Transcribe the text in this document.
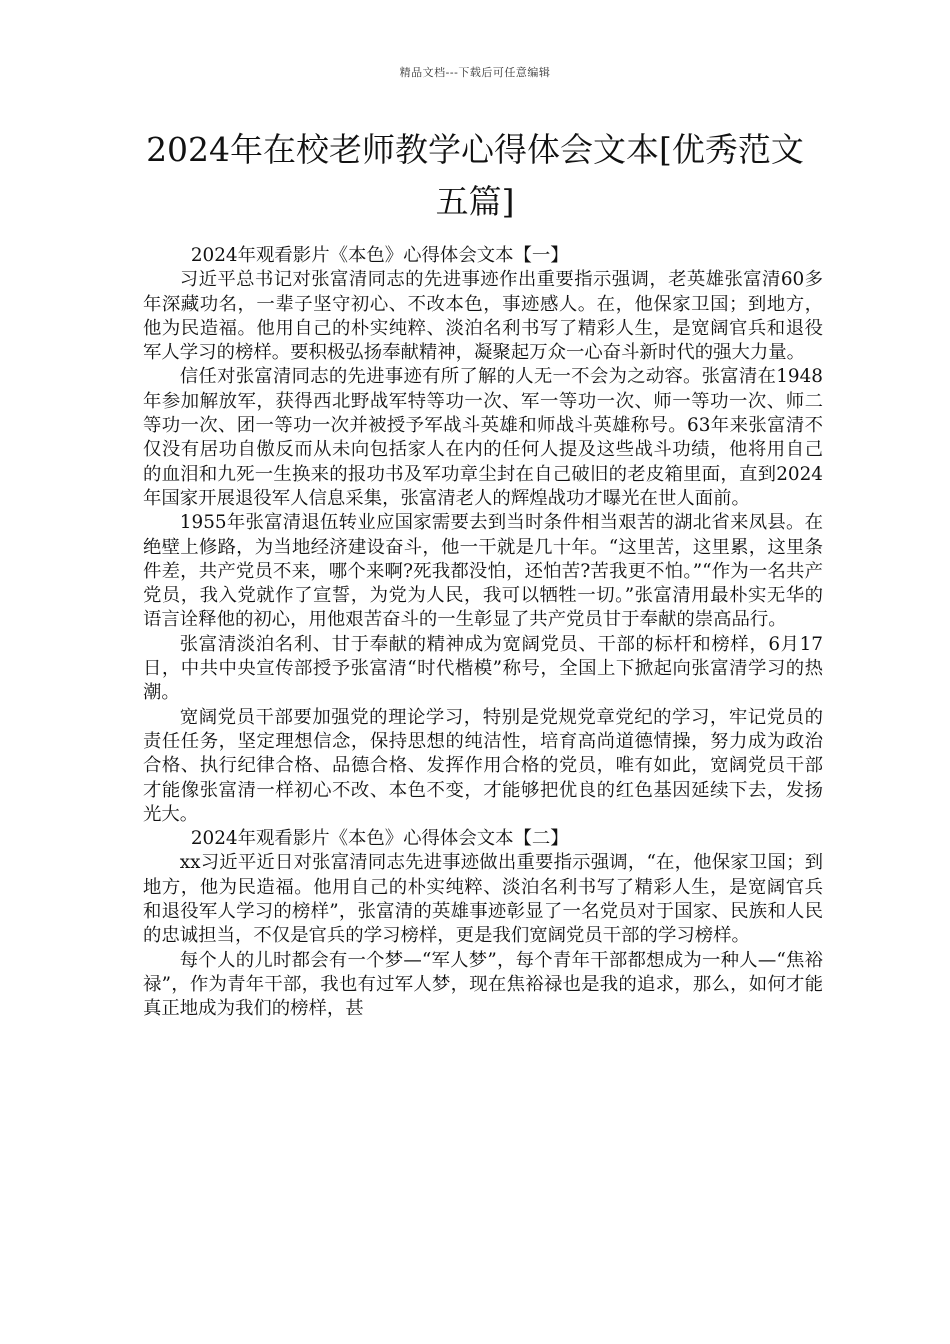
精品文档---下载后可任意编辑
2024年在校老师教学心得体会文本[优秀范文五篇]

2024年观看影片《本色》心得体会文本【一】

习近平总书记对张富清同志的先进事迹作出重要指示强调，老英雄张富清60多年深藏功名，一辈子坚守初心、不改本色，事迹感人。在，他保家卫国；到地方，他为民造福。他用自己的朴实纯粹、淡泊名利书写了精彩人生，是宽阔官兵和退役军人学习的榜样。要积极弘扬奉献精神，凝聚起万众一心奋斗新时代的强大力量。

信任对张富清同志的先进事迹有所了解的人无一不会为之动容。张富清在1948年参加解放军，获得西北野战军特等功一次、军一等功一次、师一等功一次、师二等功一次、团一等功一次并被授予军战斗英雄和师战斗英雄称号。63年来张富清不仅没有居功自傲反而从未向包括家人在内的任何人提及这些战斗功绩，他将用自己的血泪和九死一生换来的报功书及军功章尘封在自己破旧的老皮箱里面，直到2024年国家开展退役军人信息采集，张富清老人的辉煌战功才曝光在世人面前。

1955年张富清退伍转业应国家需要去到当时条件相当艰苦的湖北省来凤县。在绝壁上修路，为当地经济建设奋斗，他一干就是几十年。“这里苦，这里累，这里条件差，共产党员不来，哪个来啊?死我都没怕，还怕苦?苦我更不怕。”“作为一名共产党员，我入党就作了宣誓，为党为人民，我可以牺牲一切。”张富清用最朴实无华的语言诠释他的初心，用他艰苦奋斗的一生彰显了共产党员甘于奉献的崇高品行。

张富清淡泊名利、甘于奉献的精神成为宽阔党员、干部的标杆和榜样，6月17日，中共中央宣传部授予张富清“时代楷模”称号，全国上下掀起向张富清学习的热潮。

宽阔党员干部要加强党的理论学习，特别是党规党章党纪的学习，牢记党员的责任任务，坚定理想信念，保持思想的纯洁性，培育高尚道德情操，努力成为政治合格、执行纪律合格、品德合格、发挥作用合格的党员，唯有如此，宽阔党员干部才能像张富清一样初心不改、本色不变，才能够把优良的红色基因延续下去，发扬光大。

2024年观看影片《本色》心得体会文本【二】

xx习近平近日对张富清同志先进事迹做出重要指示强调，“在，他保家卫国；到地方，他为民造福。他用自己的朴实纯粹、淡泊名利书写了精彩人生，是宽阔官兵和退役军人学习的榜样”，张富清的英雄事迹彰显了一名党员对于国家、民族和人民的忠诚担当，不仅是官兵的学习榜样，更是我们宽阔党员干部的学习榜样。

每个人的儿时都会有一个梦—“军人梦”，每个青年干部都想成为一种人—“焦裕禄”，作为青年干部，我也有过军人梦，现在焦裕禄也是我的追求，那么，如何才能真正地成为我们的榜样，甚
